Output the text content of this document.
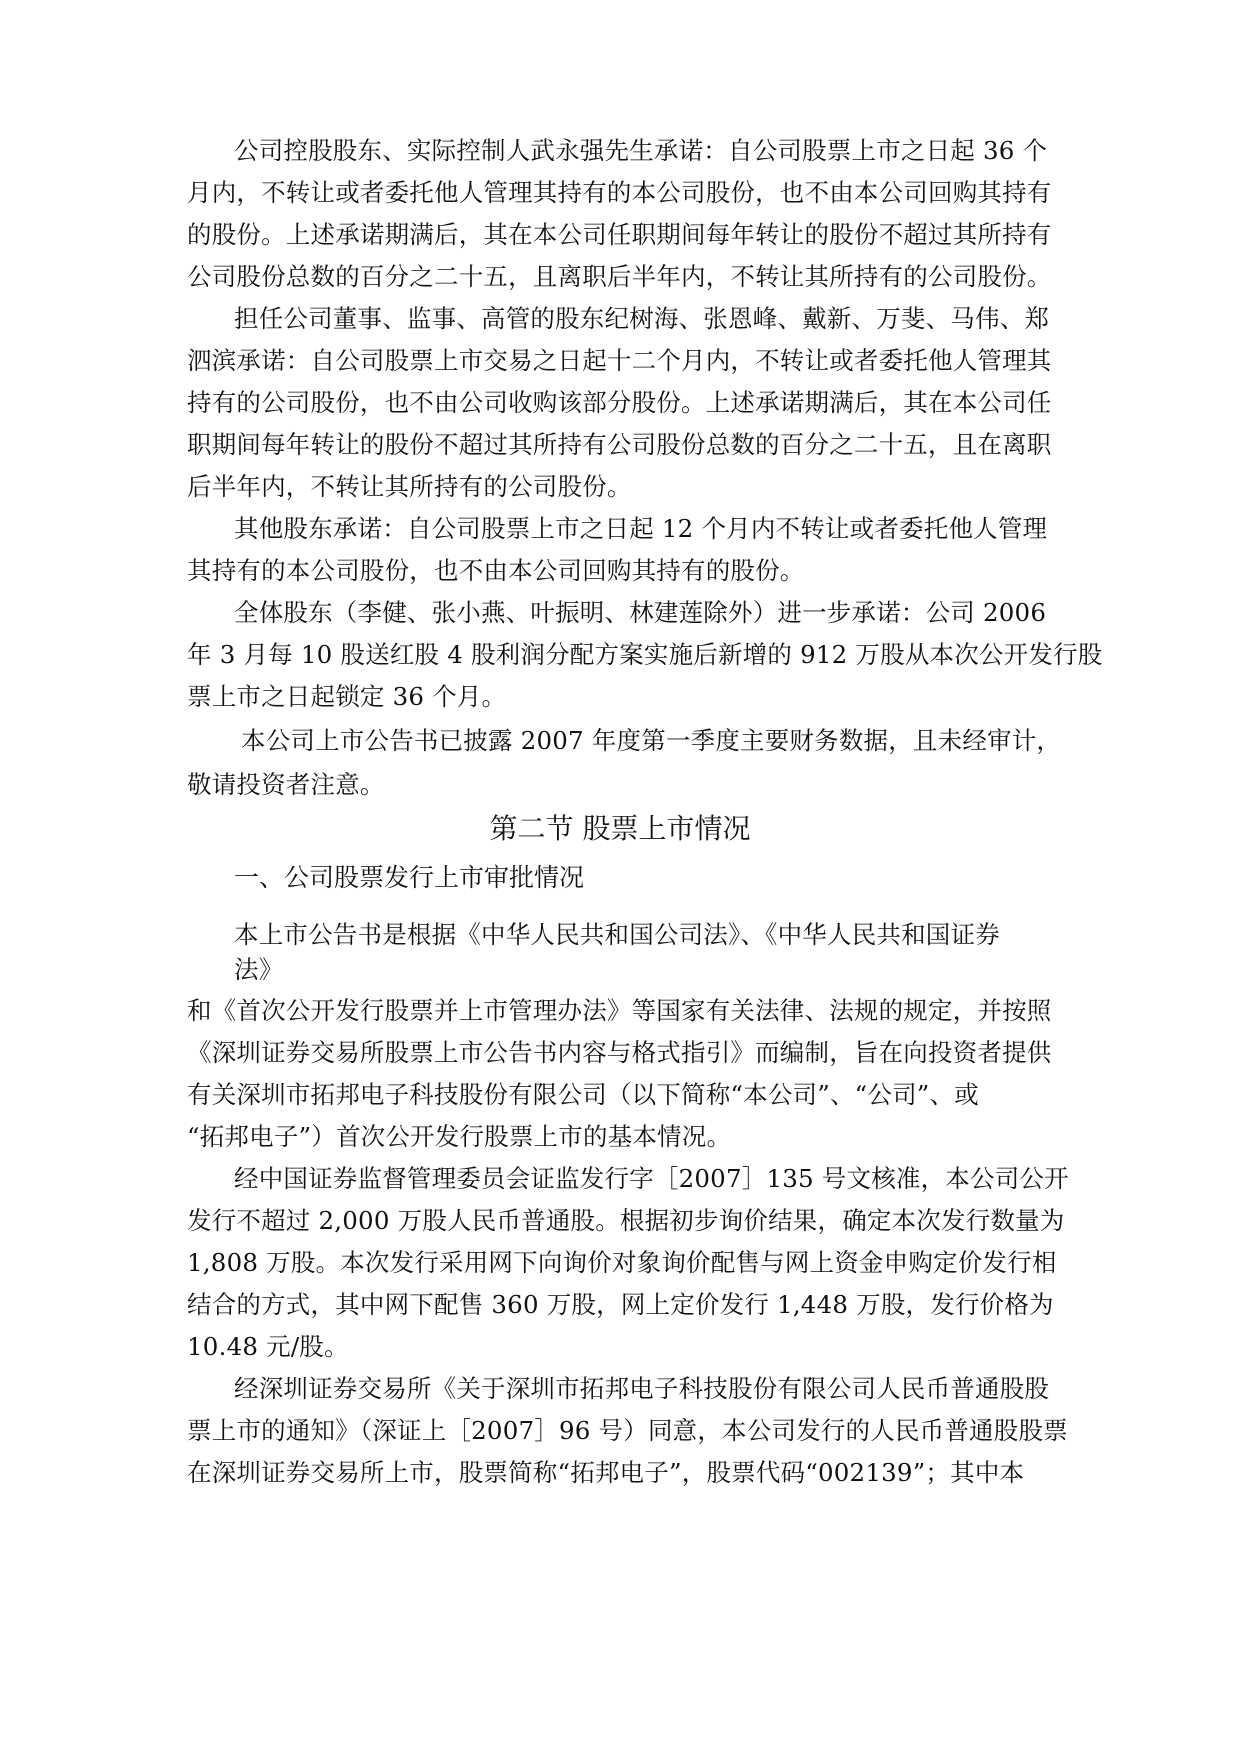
公司控股股东、实际控制人武永强先生承诺：自公司股票上市之日起 36 个
月内，不转让或者委托他人管理其持有的本公司股份，也不由本公司回购其持有
的股份。上述承诺期满后，其在本公司任职期间每年转让的股份不超过其所持有
公司股份总数的百分之二十五，且离职后半年内，不转让其所持有的公司股份。
担任公司董事、监事、高管的股东纪树海、张恩峰、戴新、万斐、马伟、郑
泗滨承诺：自公司股票上市交易之日起十二个月内，不转让或者委托他人管理其
持有的公司股份，也不由公司收购该部分股份。上述承诺期满后，其在本公司任
职期间每年转让的股份不超过其所持有公司股份总数的百分之二十五，且在离职
后半年内，不转让其所持有的公司股份。
其他股东承诺：自公司股票上市之日起 12 个月内不转让或者委托他人管理
其持有的本公司股份，也不由本公司回购其持有的股份。
全体股东（李健、张小燕、叶振明、林建莲除外）进一步承诺：公司 2006
年 3 月每 10 股送红股 4 股利润分配方案实施后新增的 912 万股从本次公开发行股
票上市之日起锁定 36 个月。
本公司上市公告书已披露 2007 年度第一季度主要财务数据，且未经审计，
敬请投资者注意。
第二节 股票上市情况
一、公司股票发行上市审批情况
本上市公告书是根据《中华人民共和国公司法》、《中华人民共和国证券
法》
和《首次公开发行股票并上市管理办法》等国家有关法律、法规的规定，并按照
《深圳证券交易所股票上市公告书内容与格式指引》而编制，旨在向投资者提供
有关深圳市拓邦电子科技股份有限公司（以下简称“本公司”、“公司”、或
“拓邦电子”）首次公开发行股票上市的基本情况。
经中国证券监督管理委员会证监发行字［2007］135 号文核准，本公司公开
发行不超过 2,000 万股人民币普通股。根据初步询价结果，确定本次发行数量为
1,808 万股。本次发行采用网下向询价对象询价配售与网上资金申购定价发行相
结合的方式，其中网下配售 360 万股，网上定价发行 1,448 万股，发行价格为
10.48 元/股。
经深圳证券交易所《关于深圳市拓邦电子科技股份有限公司人民币普通股股
票上市的通知》（深证上［2007］96 号）同意，本公司发行的人民币普通股股票
在深圳证券交易所上市，股票简称“拓邦电子”，股票代码“002139”；其中本
